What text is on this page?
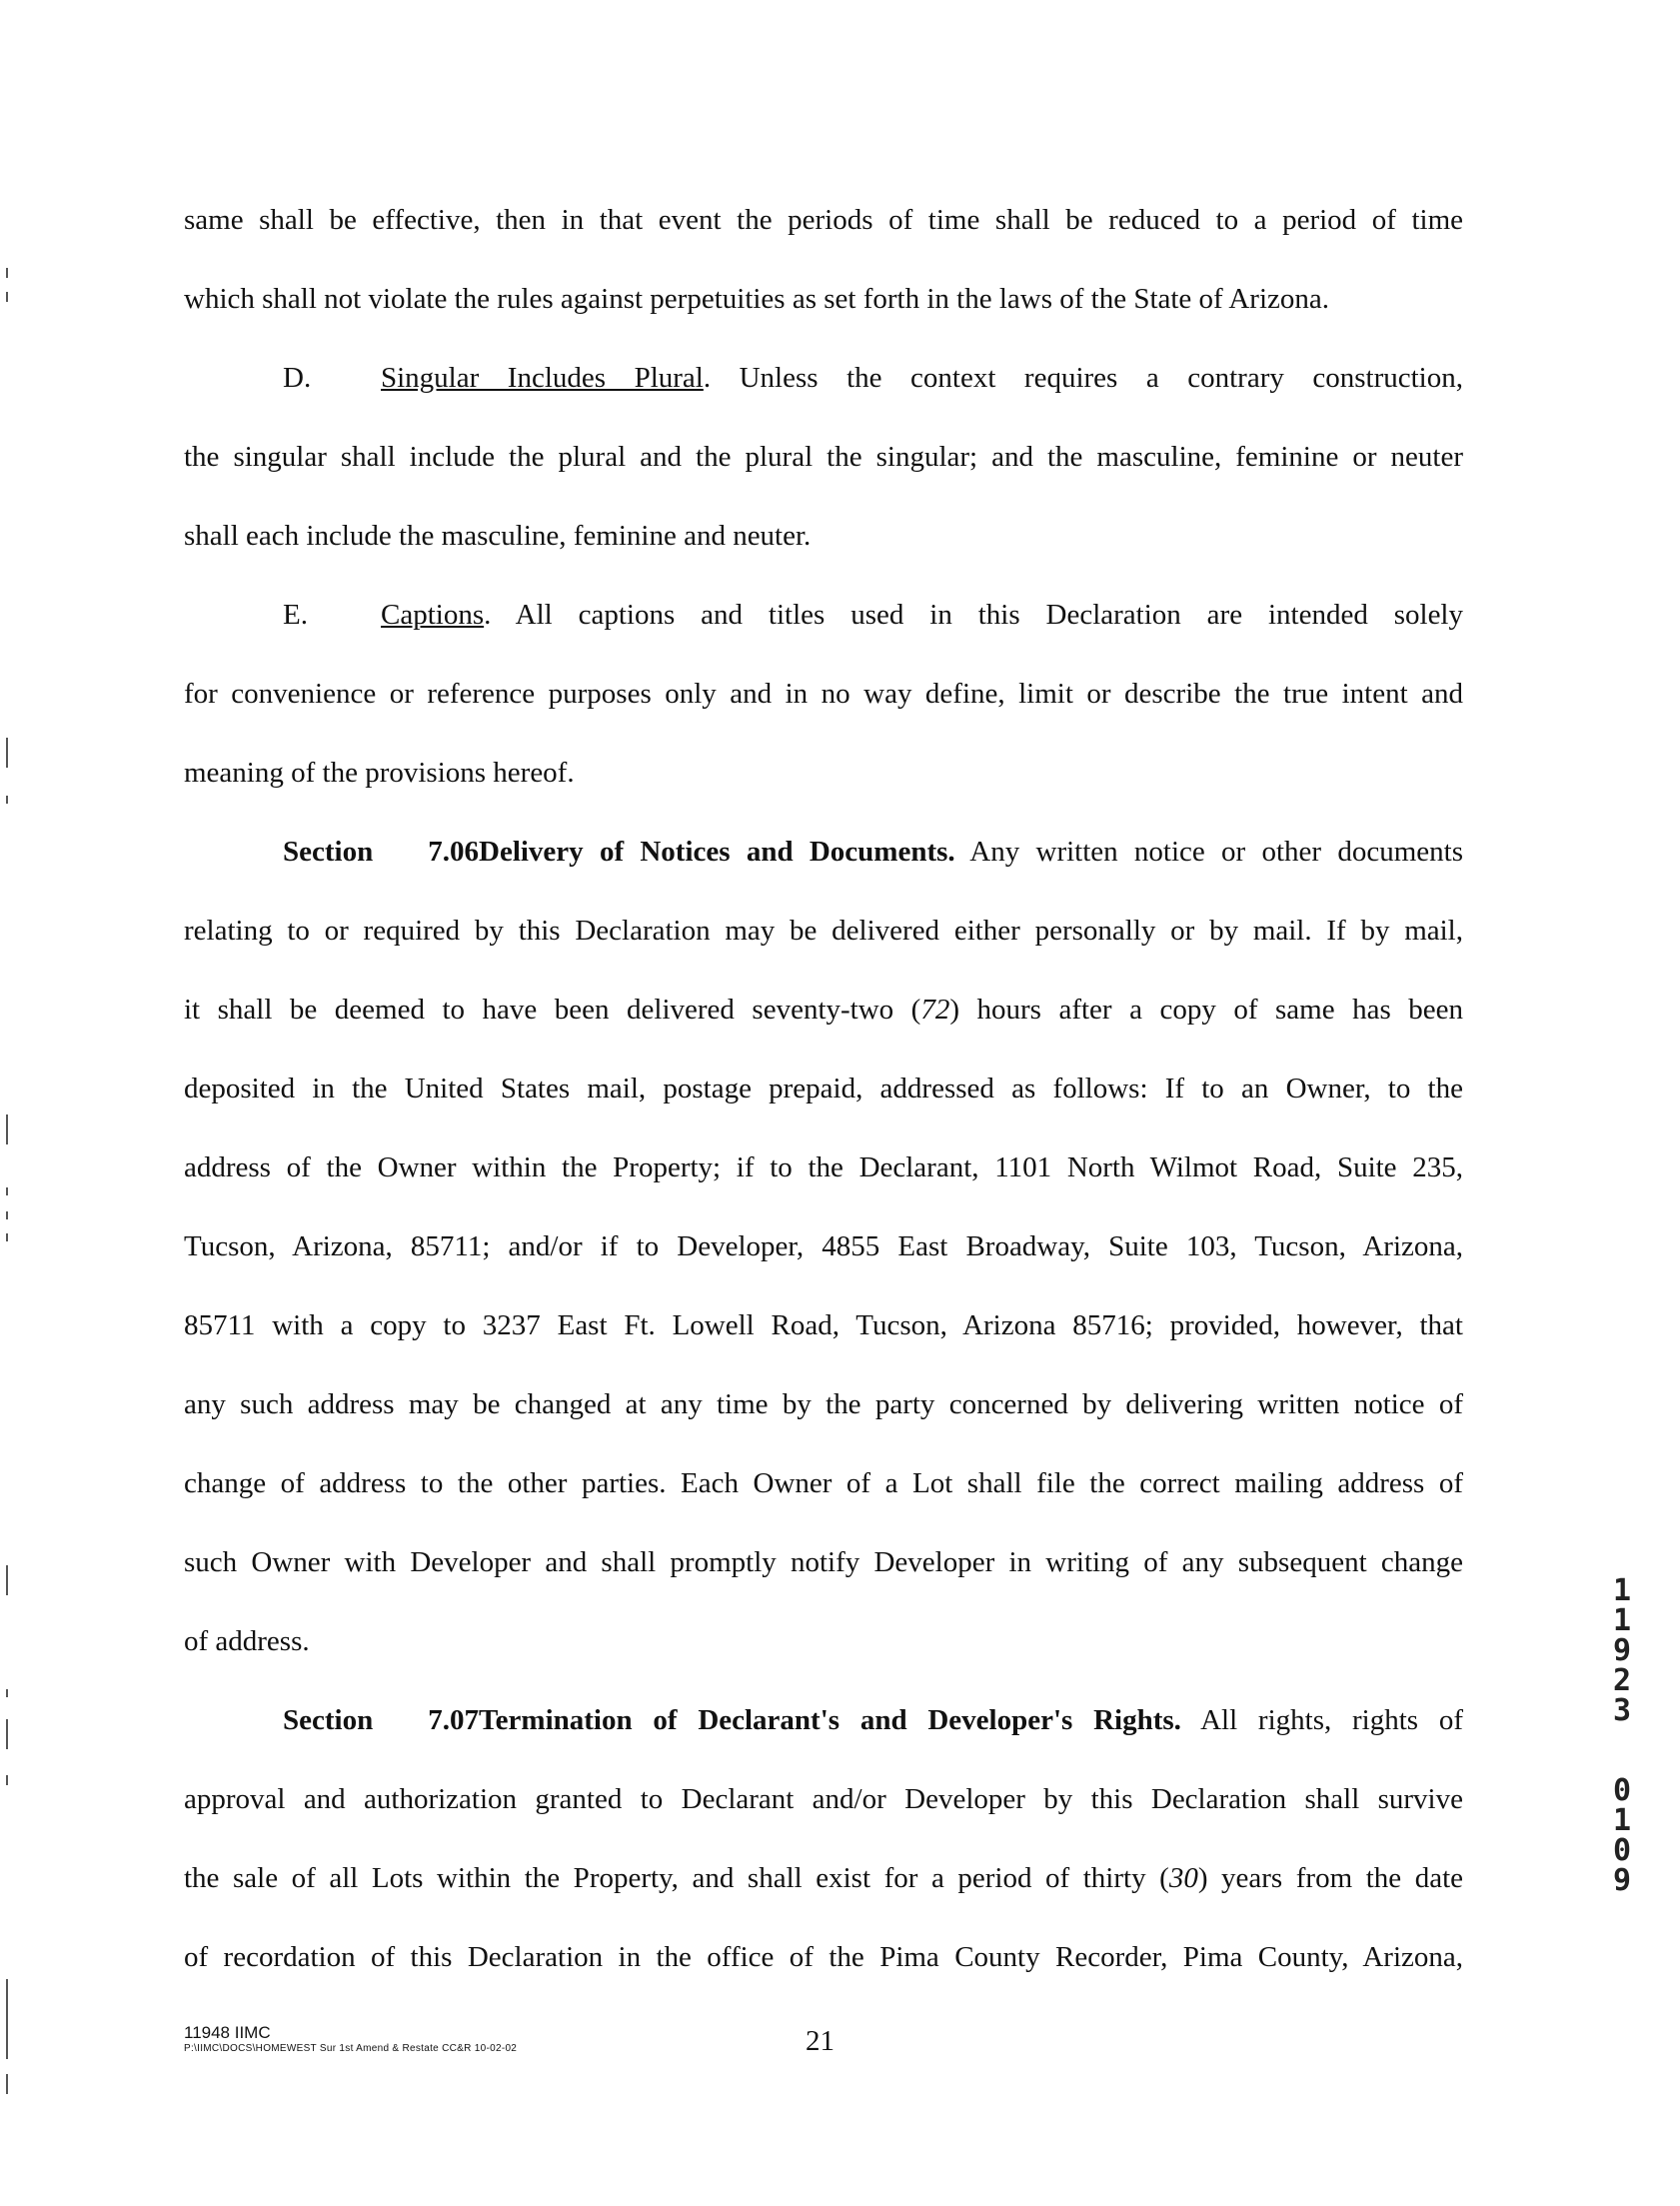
same shall be effective, then in that event the periods of time shall be reduced to a period of time
which shall not violate the rules against perpetuities as set forth in the laws of the State of Arizona.
D. Singular Includes Plural. Unless the context requires a contrary construction,
the singular shall include the plural and the plural the singular; and the masculine, feminine or neuter
shall each include the masculine, feminine and neuter.
E.	Captions. All captions and titles used in this Declaration are intended solely
for convenience or reference purposes only and in no way define, limit or describe the true intent and
meaning of the provisions hereof.
Section 7.06Delivery of Notices and Documents. Any written notice or other documents
relating to or required by this Declaration may be delivered either personally or by mail. If by mail,
it shall be deemed to have been delivered seventy-two (72) hours after a copy of same has been
deposited in the United States mail, postage prepaid, addressed as follows: If to an Owner, to the
address of the Owner within the Property; if to the Declarant, 1101 North Wilmot Road, Suite 235,
Tucson, Arizona, 85711; and/or if to Developer, 4855 East Broadway, Suite 103, Tucson, Arizona,
85711 with a copy to 3237 East Ft. Lowell Road, Tucson, Arizona 85716; provided, however, that
any such address may be changed at any time by the party concerned by delivering written notice of
change of address to the other parties. Each Owner of a Lot shall file the correct mailing address of
such Owner with Developer and shall promptly notify Developer in writing of any subsequent change
of address.
Section 7.07Termination of Declarant's and Developer's Rights. All rights, rights of
approval and authorization granted to Declarant and/or Developer by this Declaration shall survive
the sale of all Lots within the Property, and shall exist for a period of thirty (30) years from the date
of recordation of this Declaration in the office of the Pima County Recorder, Pima County, Arizona,
1
1
9
2
3
0
1
0
9
11948 IIMC
P:\IIMC\DOCS\HOMEWEST Sur 1st Amend & Restate CC&R 10-02-02	21
